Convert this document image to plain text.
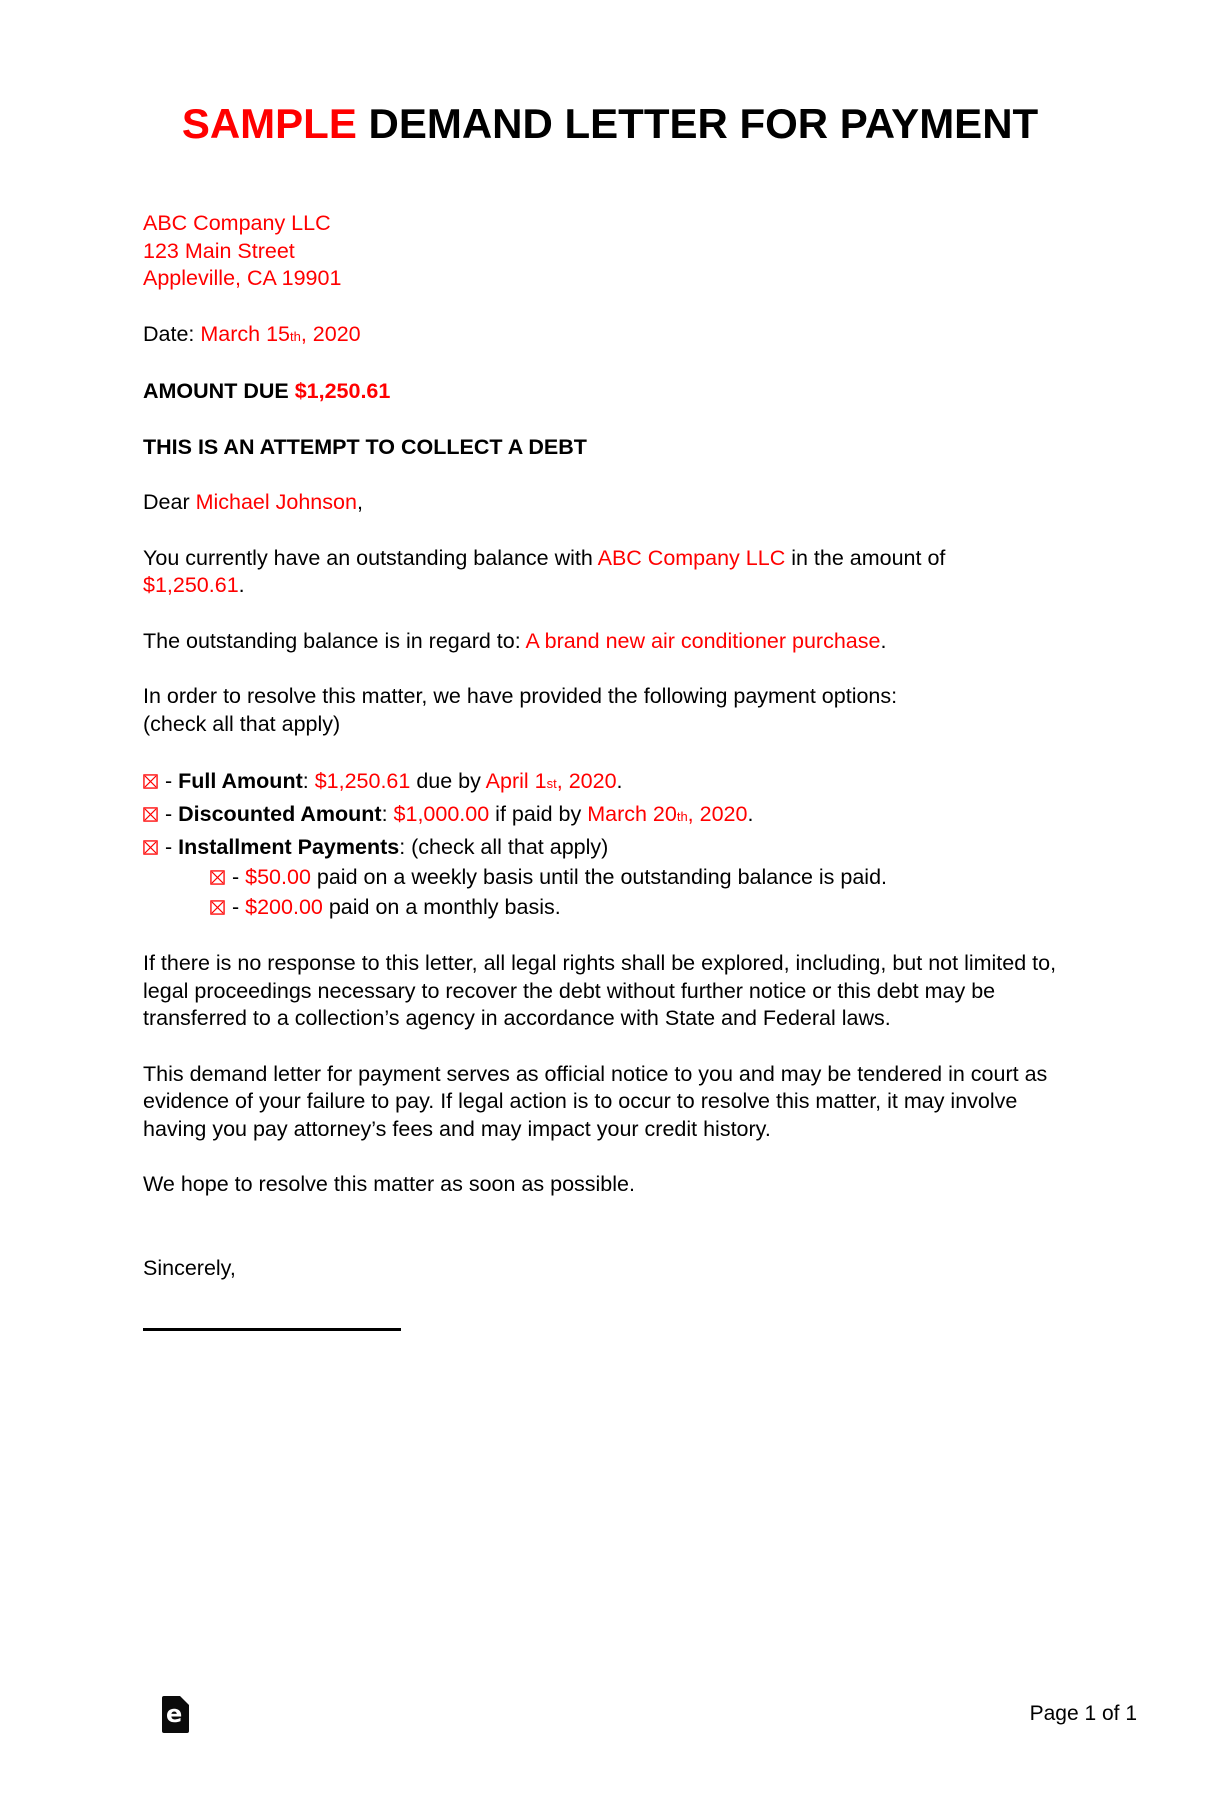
SAMPLE DEMAND LETTER FOR PAYMENT
ABC Company LLC
123 Main Street
Appleville, CA 19901

Date: March 15th, 2020

AMOUNT DUE $1,250.61

THIS IS AN ATTEMPT TO COLLECT A DEBT

Dear Michael Johnson,

You currently have an outstanding balance with ABC Company LLC in the amount of
$1,250.61.

The outstanding balance is in regard to: A brand new air conditioner purchase.

In order to resolve this matter, we have provided the following payment options:
(check all that apply)

- Full Amount: $1,250.61 due by April 1st, 2020.
- Discounted Amount: $1,000.00 if paid by March 20th, 2020.
- Installment Payments: (check all that apply)
- $50.00 paid on a weekly basis until the outstanding balance is paid.
- $200.00 paid on a monthly basis.

If there is no response to this letter, all legal rights shall be explored, including, but not limited to, legal proceedings necessary to recover the debt without further notice or this debt may be transferred to a collection’s agency in accordance with State and Federal laws.

This demand letter for payment serves as official notice to you and may be tendered in court as evidence of your failure to pay. If legal action is to occur to resolve this matter, it may involve having you pay attorney’s fees and may impact your credit history.

We hope to resolve this matter as soon as possible.

Sincerely,

e	Page 1 of 1
